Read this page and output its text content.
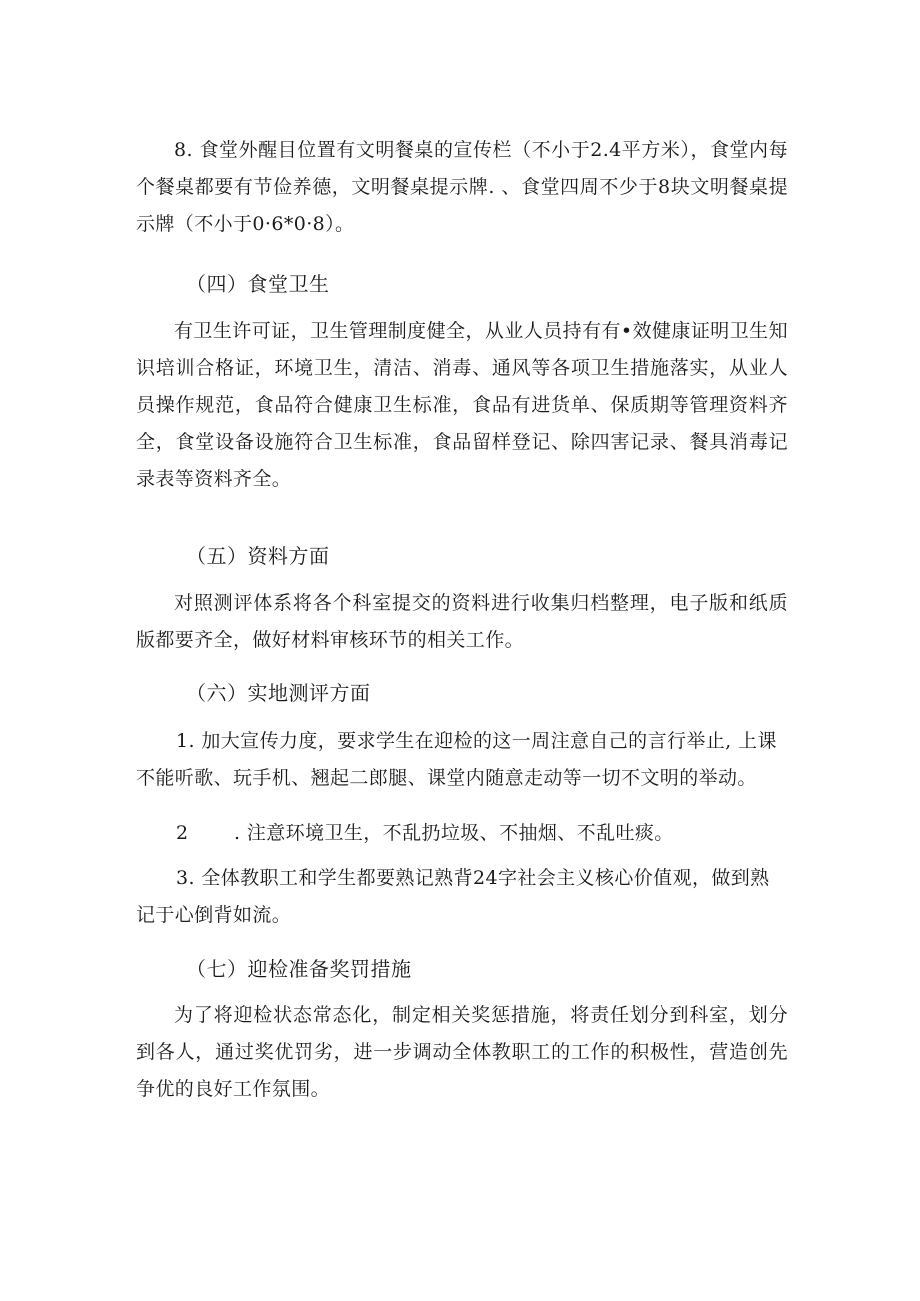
8. 食堂外醒目位置有文明餐桌的宣传栏（不小于2.4平方米），食堂内每个餐桌都要有节俭养德，文明餐桌提示牌. 、食堂四周不少于8块文明餐桌提示牌（不小于0·6*0·8）。

（四）食堂卫生

有卫生许可证，卫生管理制度健全，从业人员持有有•效健康证明卫生知识培训合格证，环境卫生，清洁、消毒、通风等各项卫生措施落实，从业人员操作规范，食品符合健康卫生标准，食品有进货单、保质期等管理资料齐全，食堂设备设施符合卫生标准，食品留样登记、除四害记录、餐具消毒记录表等资料齐全。

（五）资料方面

对照测评体系将各个科室提交的资料进行收集归档整理，电子版和纸质版都要齐全，做好材料审核环节的相关工作。

（六）实地测评方面

1. 加大宣传力度，要求学生在迎检的这一周注意自己的言行举止, 上课不能听歌、玩手机、翘起二郎腿、课堂内随意走动等一切不文明的举动。

2 . 注意环境卫生，不乱扔垃圾、不抽烟、不乱吐痰。

3. 全体教职工和学生都要熟记熟背24字社会主义核心价值观，做到熟记于心倒背如流。

（七）迎检准备奖罚措施

为了将迎检状态常态化，制定相关奖惩措施，将责任划分到科室，划分到各人，通过奖优罚劣，进一步调动全体教职工的工作的积极性，营造创先争优的良好工作氛围。
